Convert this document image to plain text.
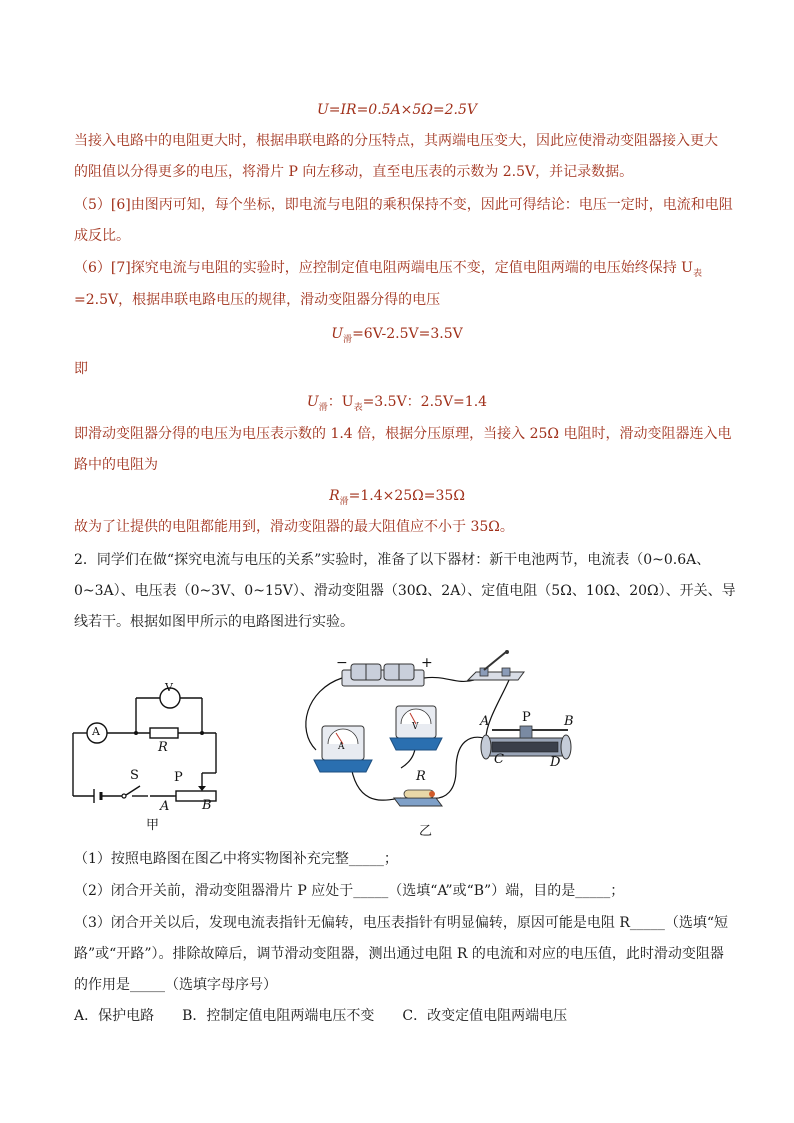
U=IR=0.5A×5Ω=2.5V
当接入电路中的电阻更大时，根据串联电路的分压特点，其两端电压变大，因此应使滑动变阻器接入更大
的阻值以分得更多的电压，将滑片 P 向左移动，直至电压表的示数为 2.5V，并记录数据。
（5）[6]由图丙可知，每个坐标，即电流与电阻的乘积保持不变，因此可得结论：电压一定时，电流和电阻
成反比。
（6）[7]探究电流与电阻的实验时，应控制定值电阻两端电压不变，定值电阻两端的电压始终保持 $U_表$
=2.5V，根据串联电路电压的规律，滑动变阻器分得的电压
$U_滑=6V-2.5V=3.5V$
即
$U_滑$：$U_表=3.5V$：2.5V=1.4
即滑动变阻器分得的电压为电压表示数的 1.4 倍，根据分压原理，当接入 25Ω 电阻时，滑动变阻器连入电
路中的电阻为
$R_滑=1.4\times 25\Omega=35\Omega$
故为了让提供的电阻都能用到，滑动变阻器的最大阻值应不小于 35Ω。
2．同学们在做“探究电流与电压的关系”实验时，准备了以下器材：新干电池两节，电流表（0~0.6A、
0~3A）、电压表（0~3V、0~15V）、滑动变阻器（30Ω、2A）、定值电阻（5Ω、10Ω、20Ω）、开关、导
线若干。根据如图甲所示的电路图进行实验。
V
A
R
S	P
A	B
甲
−	+
A
V
R
A	P	B
C	D
乙
（1）按照电路图在图乙中将实物图补充完整_____；
（2）闭合开关前，滑动变阻器滑片 P 应处于_____（选填“A”或“B”）端，目的是_____；
（3）闭合开关以后，发现电流表指针无偏转，电压表指针有明显偏转，原因可能是电阻 R_____（选填“短
路”或“开路”）。排除故障后，调节滑动变阻器，测出通过电阻 R 的电流和对应的电压值，此时滑动变阻器
的作用是_____（选填字母序号）
A．保护电路　　B．控制定值电阻两端电压不变　　C．改变定值电阻两端电压
